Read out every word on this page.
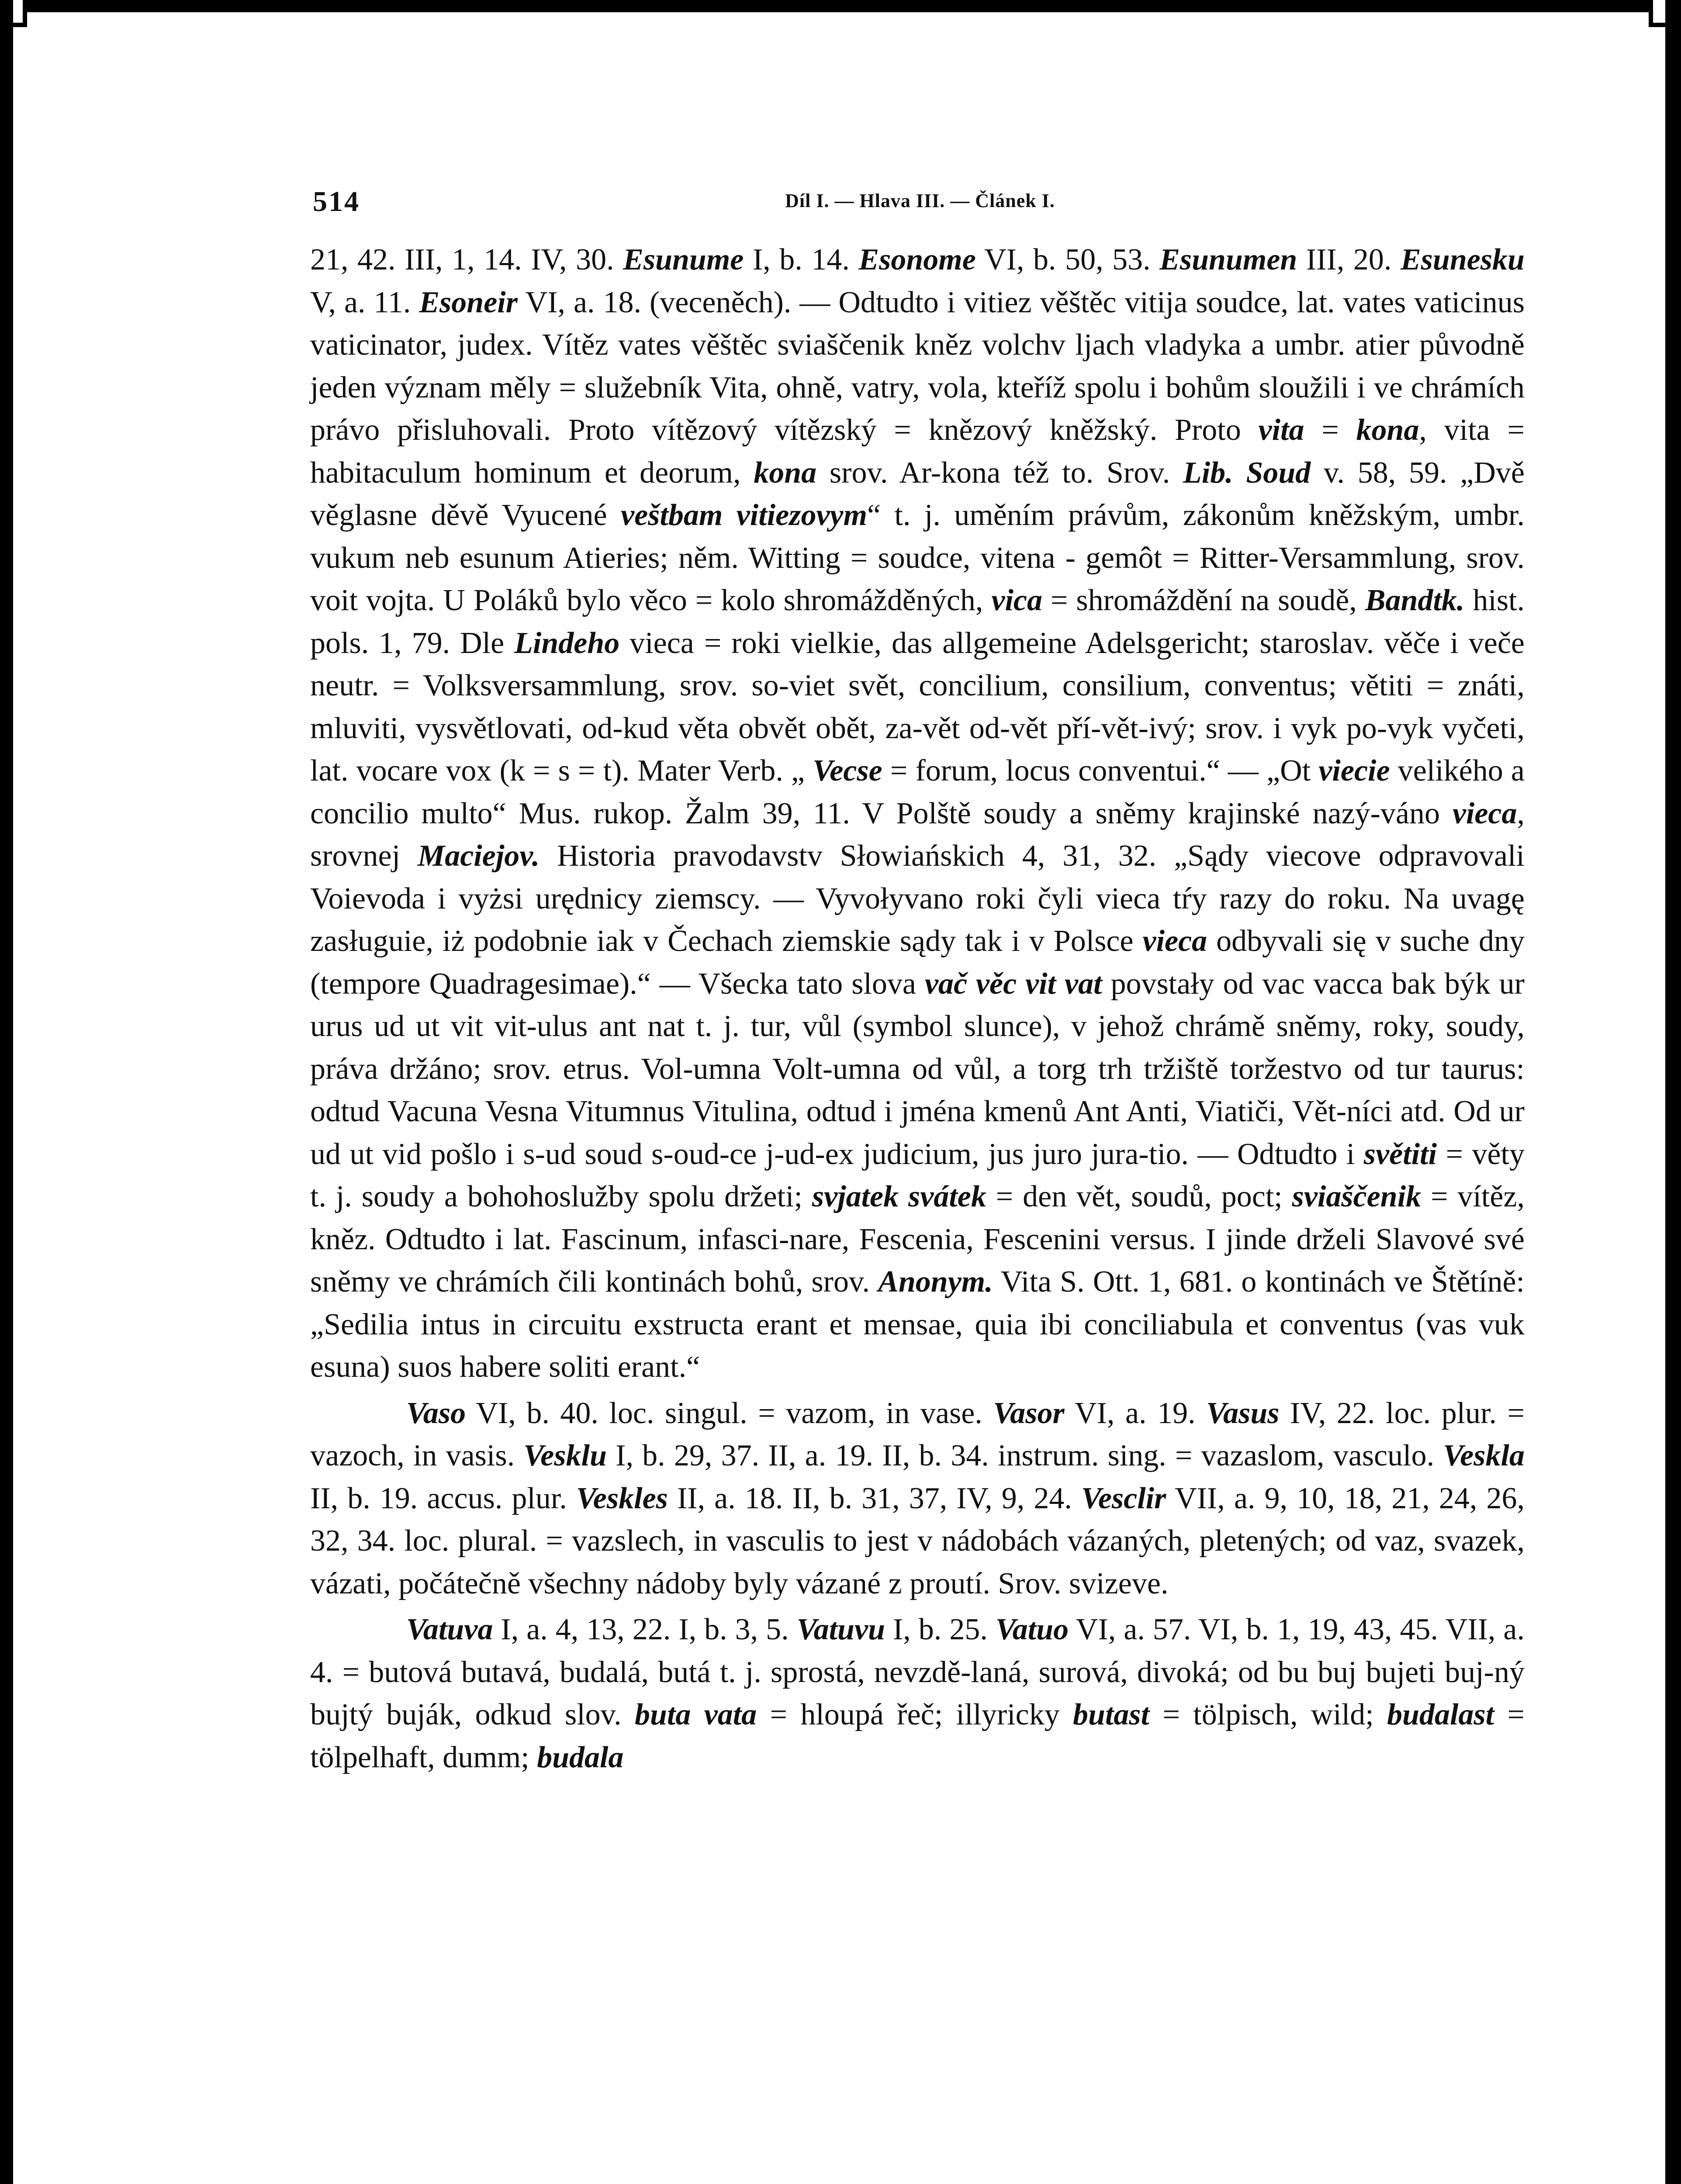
514	Díl I. — Hlava III. — Článek I.

21, 42. III, 1, 14. IV, 30. Esunume I, b. 14. Esonome VI, b. 50, 53. Esunumen III, 20. Esunesku V, a. 11. Esoneir VI, a. 18. (veceněch). — Odtudto i vitiez věštěc vitija soudce, lat. vates vaticinus vaticinator, judex. Vítěz vates věštěc sviaščenik kněz volchv ljach vladyka a umbr. atier původně jeden význam měly = služebník Vita, ohně, vatry, vola, kteříž spolu i bohům sloužili i ve chrámích právo přisluhovali. Proto vítězový vítězský = knězový kněžský. Proto vita = kona, vita = habitaculum hominum et deorum, kona srov. Ar-kona též to. Srov. Lib. Soud v. 58, 59. „Dvě věglasne děvě Vyucené veštbam vitiezovym“ t. j. uměním právům, zákonům kněžským, umbr. vukum neb esunum Atieries; něm. Witting = soudce, vitena - gemôt = Ritter-Versammlung, srov. voit vojta. U Poláků bylo věco = kolo shromážděných, vica = shromáždění na soudě, Bandtk. hist. pols. 1, 79. Dle Lindeho vieca = roki vielkie, das allgemeine Adelsgericht; staroslav. věče i veče neutr. = Volksversammlung, srov. so-viet svět, concilium, consilium, conventus; větiti = znáti, mluviti, vysvětlovati, od-kud věta obvět obět, za-vět od-vět pří-vět-ivý; srov. i vyk po-vyk vyčeti, lat. vocare vox (k = s = t). Mater Verb. „ Vecse = forum, locus conventui.“ — „Ot viecie velikého a concilio multo“ Mus. rukop. Žalm 39, 11. V Polště soudy a sněmy krajinské nazý-váno vieca, srovnej Maciejov. Historia pravodavstv Słowiańskich 4, 31, 32. „Sądy viecove odpravovali Voievoda i vyżsi urędnicy ziemscy. — Vyvołyvano roki čyli vieca tŕy razy do roku. Na uvagę zasługuie, iż podobnie iak v Čechach ziemskie sądy tak i v Polsce vieca odbyvali się v suche dny (tempore Quadragesimae).“ — Všecka tato slova vač věc vit vat povstały od vac vacca bak býk ur urus ud ut vit vit-ulus ant nat t. j. tur, vůl (symbol slunce), v jehož chrámě sněmy, roky, soudy, práva držáno; srov. etrus. Vol-umna Volt-umna od vůl, a torg trh tržiště toržestvo od tur taurus: odtud Vacuna Vesna Vitumnus Vitulina, odtud i jména kmenů Ant Anti, Viatiči, Vět-níci atd. Od ur ud ut vid pošlo i s-ud soud s-oud-ce j-ud-ex judicium, jus juro jura-tio. — Odtudto i světiti = věty t. j. soudy a bohohoslužby spolu držeti; svjatek svátek = den vět, soudů, poct; sviaščenik = vítěz, kněz. Odtudto i lat. Fascinum, infasci-nare, Fescenia, Fescenini versus. I jinde drželi Slavové své sněmy ve chrámích čili kontinách bohů, srov. Anonym. Vita S. Ott. 1, 681. o kontinách ve Štětíně: „Sedilia intus in circuitu exstructa erant et mensae, quia ibi conciliabula et conventus (vas vuk esuna) suos habere soliti erant.“

Vaso VI, b. 40. loc. singul. = vazom, in vase. Vasor VI, a. 19. Vasus IV, 22. loc. plur. = vazoch, in vasis. Vesklu I, b. 29, 37. II, a. 19. II, b. 34. instrum. sing. = vazaslom, vasculo. Veskla II, b. 19. accus. plur. Veskles II, a. 18. II, b. 31, 37, IV, 9, 24. Vesclir VII, a. 9, 10, 18, 21, 24, 26, 32, 34. loc. plural. = vazslech, in vasculis to jest v nádobách vázaných, pletených; od vaz, svazek, vázati, počátečně všechny nádoby byly vázané z proutí. Srov. svizeve.

Vatuva I, a. 4, 13, 22. I, b. 3, 5. Vatuvu I, b. 25. Vatuo VI, a. 57. VI, b. 1, 19, 43, 45. VII, a. 4. = butová butavá, budalá, butá t. j. sprostá, nevzdě-laná, surová, divoká; od bu buj bujeti buj-ný bujtý buják, odkud slov. buta vata = hloupá řeč; illyricky butast = tölpisch, wild; budalast = tölpelhaft, dumm; budala
